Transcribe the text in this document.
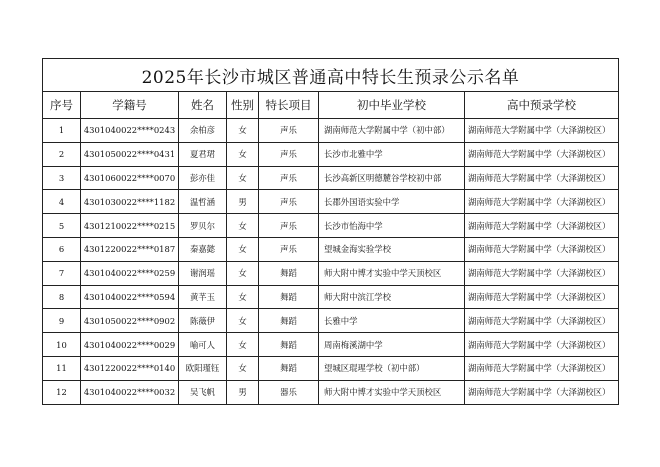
2025年长沙市城区普通高中特长生预录公示名单						
序号	学籍号	姓名	性别	特长项目	初中毕业学校	高中预录学校
1	4301040022****0243	余柏彦	女	声乐	湖南师范大学附属中学（初中部）	湖南师范大学附属中学（大泽湖校区）
2	4301050022****0431	夏君珺	女	声乐	长沙市北雅中学	湖南师范大学附属中学（大泽湖校区）
3	4301060022****0070	彭亦佳	女	声乐	长沙高新区明德麓谷学校初中部	湖南师范大学附属中学（大泽湖校区）
4	4301030022****1182	温哲涵	男	声乐	长郡外国语实验中学	湖南师范大学附属中学（大泽湖校区）
5	4301210022****0215	罗贝尔	女	声乐	长沙市怡海中学	湖南师范大学附属中学（大泽湖校区）
6	4301220022****0187	秦嘉懿	女	声乐	望城金海实验学校	湖南师范大学附属中学（大泽湖校区）
7	4301040022****0259	谢润瑶	女	舞蹈	师大附中博才实验中学天顶校区	湖南师范大学附属中学（大泽湖校区）
8	4301040022****0594	黄芊玉	女	舞蹈	师大附中滨江学校	湖南师范大学附属中学（大泽湖校区）
9	4301050022****0902	陈薇伊	女	舞蹈	长雅中学	湖南师范大学附属中学（大泽湖校区）
10	4301040022****0029	喻可人	女	舞蹈	周南梅溪湖中学	湖南师范大学附属中学（大泽湖校区）
11	4301220022****0140	欧阳瑾钰	女	舞蹈	望城区琨瑆学校（初中部）	湖南师范大学附属中学（大泽湖校区）
12	4301040022****0032	吴飞帆	男	器乐	师大附中博才实验中学天顶校区	湖南师范大学附属中学（大泽湖校区）
